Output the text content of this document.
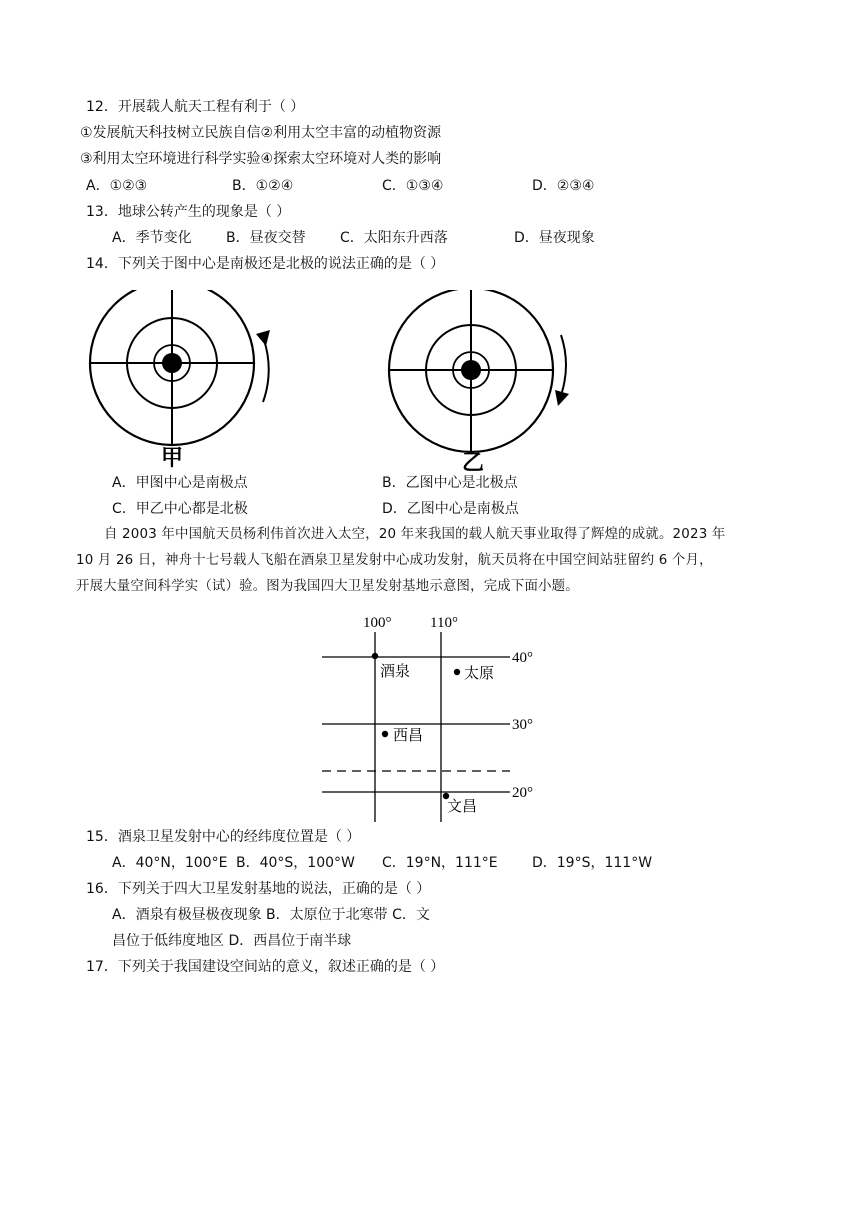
12．开展载人航天工程有利于（ ）
①发展航天科技树立民族自信②利用太空丰富的动植物资源
③利用太空环境进行科学实验④探索太空环境对人类的影响
A．①②③	B．①②④	C．①③④	D．②③④
13．地球公转产生的现象是（ ）
A．季节变化 B．昼夜交替 C．太阳东升西落	D．昼夜现象
14．下列关于图中心是南极还是北极的说法正确的是（ ）
甲	乙
A．甲图中心是南极点	B．乙图中心是北极点
C．甲乙中心都是北极	D．乙图中心是南极点
自 2003 年中国航天员杨利伟首次进入太空，20 年来我国的载人航天事业取得了辉煌的成就。2023 年
10 月 26 日，神舟十七号载人飞船在酒泉卫星发射中心成功发射，航天员将在中国空间站驻留约 6 个月，
开展大量空间科学实（试）验。图为我国四大卫星发射基地示意图，完成下面小题。
100°	110°
40°
30°
20°
酒泉	太原
西昌
文昌
15．酒泉卫星发射中心的经纬度位置是（ ）
A．40°N，100°E B．40°S，100°W C．19°N，111°E D．19°S，111°W
16．下列关于四大卫星发射基地的说法，正确的是（ ）
A．酒泉有极昼极夜现象 B．太原位于北寒带 C．文
昌位于低纬度地区 D．西昌位于南半球
17．下列关于我国建设空间站的意义，叙述正确的是（ ）
